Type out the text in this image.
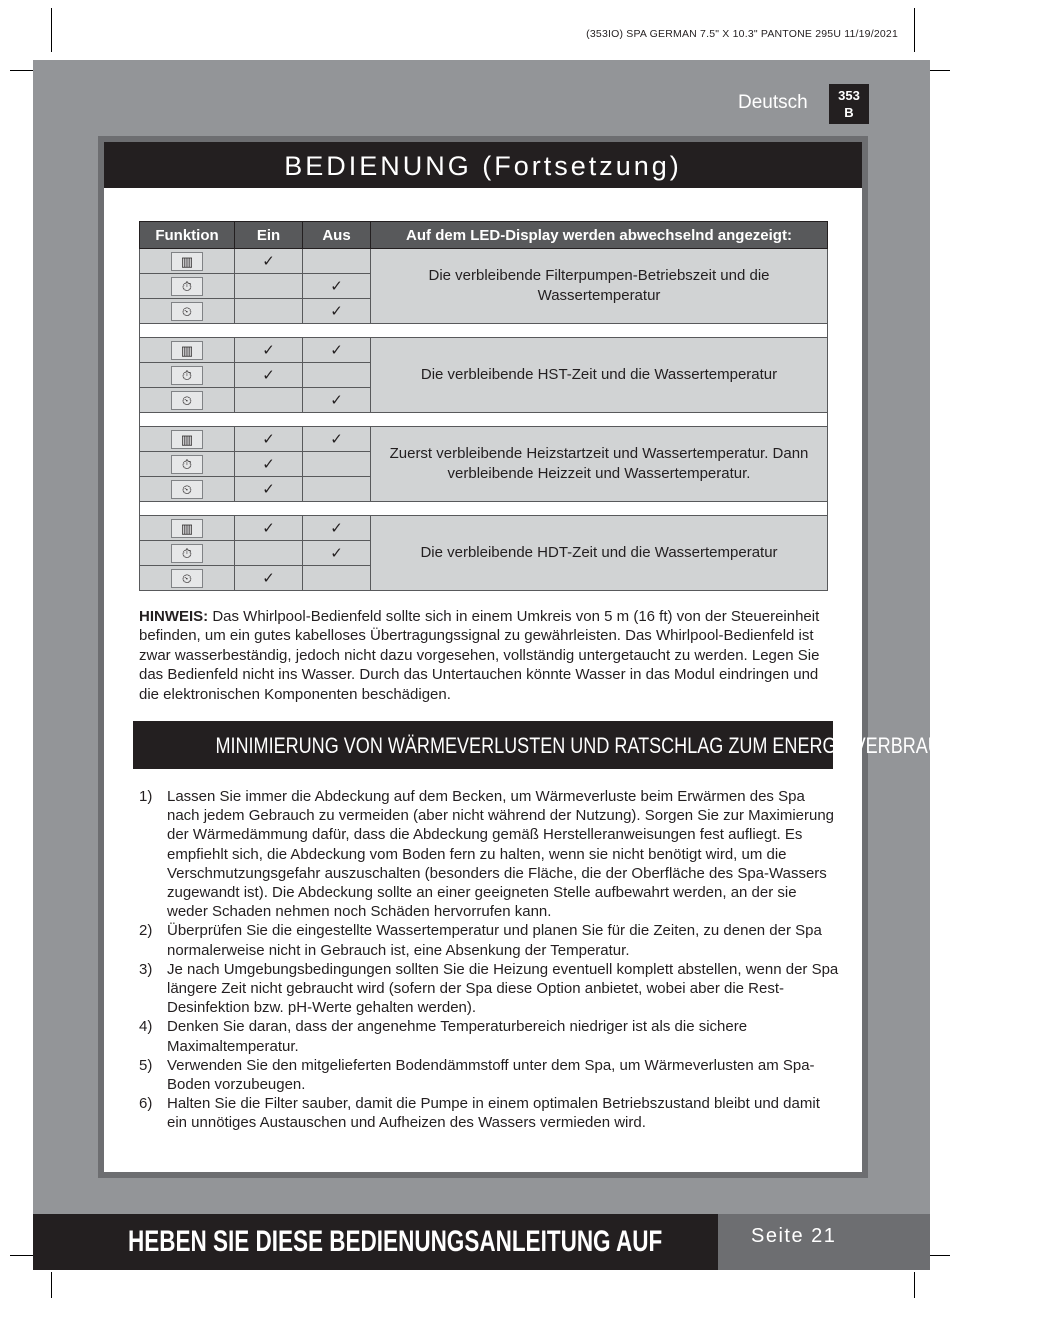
(353IO) SPA GERMAN 7.5" X 10.3" PANTONE 295U 11/19/2021
Deutsch	353
B
BEDIENUNG (Fortsetzung)
Funktion	Ein	Aus	Auf dem LED-Display werden abwechselnd angezeigt:
▥	✓		Die verbleibende Filterpumpen-Betriebszeit und die Wassertemperatur
⏱		✓	
⏲		✓	

▥	✓	✓	Die verbleibende HST-Zeit und die Wassertemperatur
⏱	✓		
⏲		✓	

▥	✓	✓	Zuerst verbleibende Heizstartzeit und Wassertemperatur. Dann verbleibende Heizzeit und Wassertemperatur.
⏱	✓		
⏲	✓		

▥	✓	✓	Die verbleibende HDT-Zeit und die Wassertemperatur
⏱		✓	
⏲	✓		
HINWEIS: Das Whirlpool-Bedienfeld sollte sich in einem Umkreis von 5 m (16 ft) von der Steuereinheit befinden, um ein gutes kabelloses Übertragungssignal zu gewährleisten. Das Whirlpool-Bedienfeld ist zwar wasserbeständig, jedoch nicht dazu vorgesehen, vollständig untergetaucht zu werden. Legen Sie das Bedienfeld nicht ins Wasser. Durch das Untertauchen könnte Wasser in das Modul eindringen und die elektronischen Komponenten beschädigen.
MINIMIERUNG VON WÄRMEVERLUSTEN UND RATSCHLAG ZUM ENERGIEVERBRAUCH
1) Lassen Sie immer die Abdeckung auf dem Becken, um Wärmeverluste beim Erwärmen des Spa nach jedem Gebrauch zu vermeiden (aber nicht während der Nutzung). Sorgen Sie zur Maximierung der Wärmedämmung dafür, dass die Abdeckung gemäß Herstelleranweisungen fest aufliegt. Es empfiehlt sich, die Abdeckung vom Boden fern zu halten, wenn sie nicht benötigt wird, um die Verschmutzungsgefahr auszuschalten (besonders die Fläche, die der Oberfläche des Spa-Wassers zugewandt ist). Die Abdeckung sollte an einer geeigneten Stelle aufbewahrt werden, an der sie weder Schaden nehmen noch Schäden hervorrufen kann.
2) Überprüfen Sie die eingestellte Wassertemperatur und planen Sie für die Zeiten, zu denen der Spa normalerweise nicht in Gebrauch ist, eine Absenkung der Temperatur.
3) Je nach Umgebungsbedingungen sollten Sie die Heizung eventuell komplett abstellen, wenn der Spa längere Zeit nicht gebraucht wird (sofern der Spa diese Option anbietet, wobei aber die Rest-Desinfektion bzw. pH-Werte gehalten werden).
4) Denken Sie daran, dass der angenehme Temperaturbereich niedriger ist als die sichere Maximaltemperatur.
5) Verwenden Sie den mitgelieferten Bodendämmstoff unter dem Spa, um Wärmeverlusten am Spa-Boden vorzubeugen.
6) Halten Sie die Filter sauber, damit die Pumpe in einem optimalen Betriebszustand bleibt und damit ein unnötiges Austauschen und Aufheizen des Wassers vermieden wird.
HEBEN SIE DIESE BEDIENUNGSANLEITUNG AUF	Seite 21
